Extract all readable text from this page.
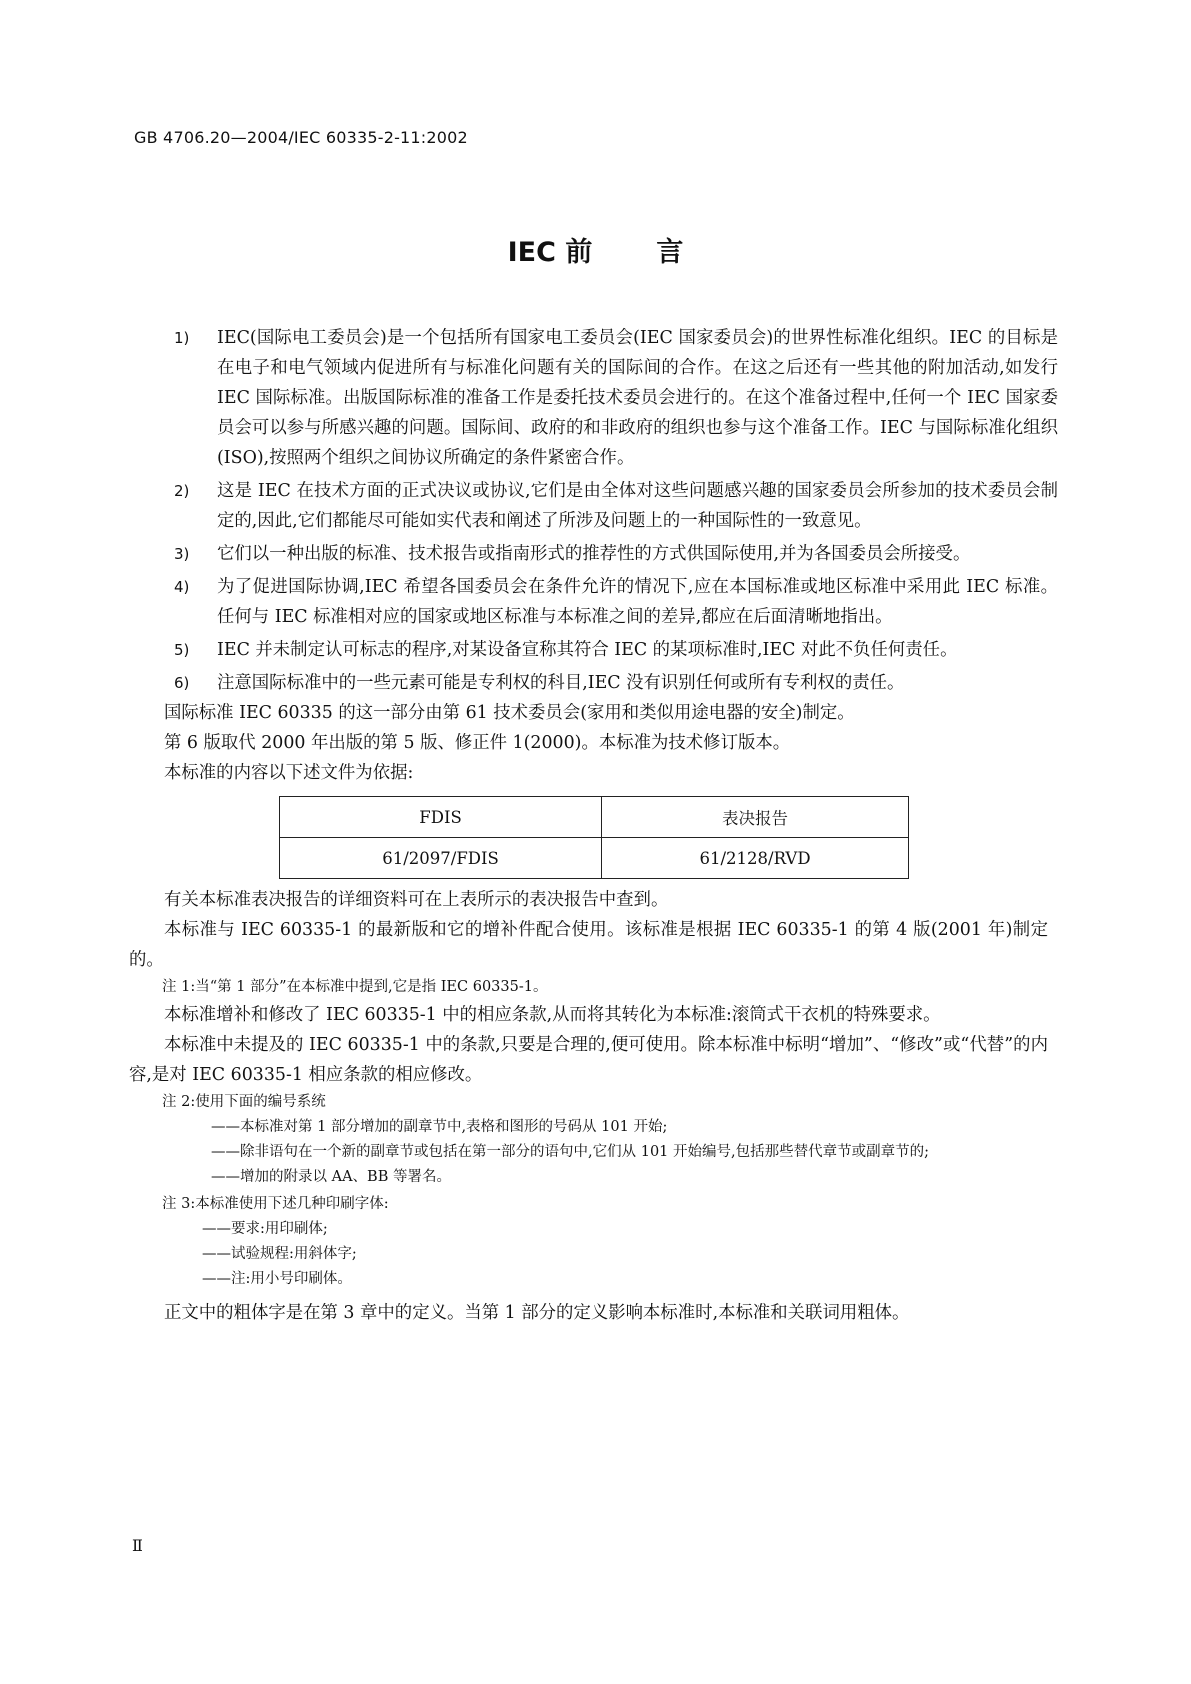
GB 4706.20—2004/IEC 60335-2-11:2002
IEC 前 言
1)	IEC(国际电工委员会)是一个包括所有国家电工委员会(IEC 国家委员会)的世界性标准化组织。IEC 的目标是在电子和电气领域内促进所有与标准化问题有关的国际间的合作。在这之后还有一些其他的附加活动,如发行 IEC 国际标准。出版国际标准的准备工作是委托技术委员会进行的。在这个准备过程中,任何一个 IEC 国家委员会可以参与所感兴趣的问题。国际间、政府的和非政府的组织也参与这个准备工作。IEC 与国际标准化组织(ISO),按照两个组织之间协议所确定的条件紧密合作。
2)	这是 IEC 在技术方面的正式决议或协议,它们是由全体对这些问题感兴趣的国家委员会所参加的技术委员会制定的,因此,它们都能尽可能如实代表和阐述了所涉及问题上的一种国际性的一致意见。
3)	它们以一种出版的标准、技术报告或指南形式的推荐性的方式供国际使用,并为各国委员会所接受。
4)	为了促进国际协调,IEC 希望各国委员会在条件允许的情况下,应在本国标准或地区标准中采用此 IEC 标准。任何与 IEC 标准相对应的国家或地区标准与本标准之间的差异,都应在后面清晰地指出。
5)	IEC 并未制定认可标志的程序,对某设备宣称其符合 IEC 的某项标准时,IEC 对此不负任何责任。
6)	注意国际标准中的一些元素可能是专利权的科目,IEC 没有识别任何或所有专利权的责任。
国际标准 IEC 60335 的这一部分由第 61 技术委员会(家用和类似用途电器的安全)制定。
第 6 版取代 2000 年出版的第 5 版、修正件 1(2000)。本标准为技术修订版本。
本标准的内容以下述文件为依据:
FDIS	表决报告
61/2097/FDIS	61/2128/RVD
有关本标准表决报告的详细资料可在上表所示的表决报告中查到。
本标准与 IEC 60335-1 的最新版和它的增补件配合使用。该标准是根据 IEC 60335-1 的第 4 版(2001 年)制定的。
注 1:当“第 1 部分”在本标准中提到,它是指 IEC 60335-1。
本标准增补和修改了 IEC 60335-1 中的相应条款,从而将其转化为本标准:滚筒式干衣机的特殊要求。
本标准中未提及的 IEC 60335-1 中的条款,只要是合理的,便可使用。除本标准中标明“增加”、“修改”或“代替”的内容,是对 IEC 60335-1 相应条款的相应修改。
注 2:使用下面的编号系统
——本标准对第 1 部分增加的副章节中,表格和图形的号码从 101 开始;
——除非语句在一个新的副章节或包括在第一部分的语句中,它们从 101 开始编号,包括那些替代章节或副章节的;
——增加的附录以 AA、BB 等署名。
注 3:本标准使用下述几种印刷字体:
——要求:用印刷体;
——试验规程:用斜体字;
——注:用小号印刷体。
正文中的粗体字是在第 3 章中的定义。当第 1 部分的定义影响本标准时,本标准和关联词用粗体。
Ⅱ
